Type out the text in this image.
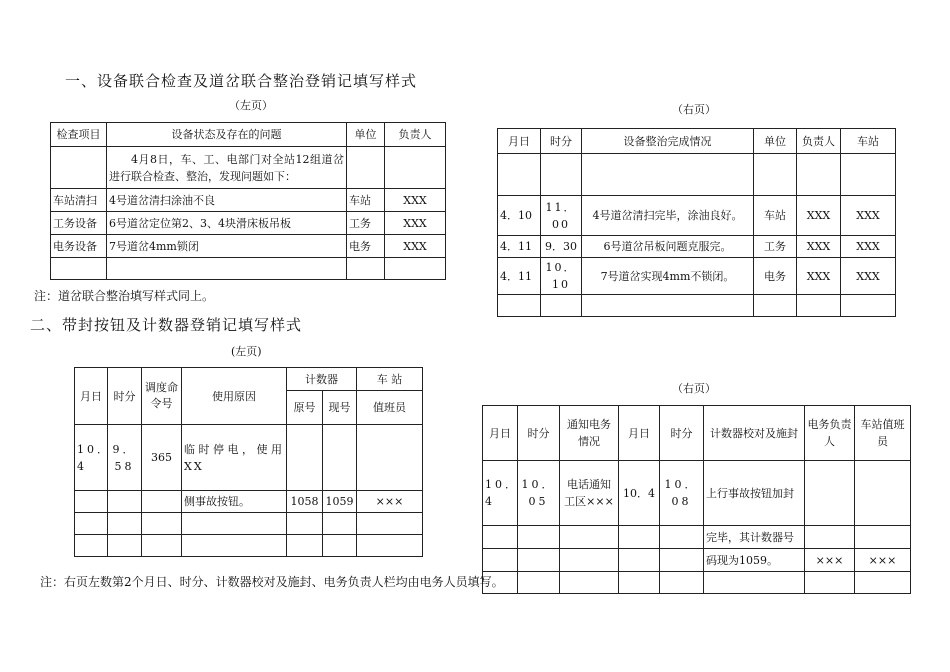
一、设备联合检查及道岔联合整治登销记填写样式
（左页）	（右页）
检查项目	设备状态及存在的问题	单位	负责人
	4月8日，车、工、电部门对全站12组道岔进行联合检查、整治，发现问题如下：		
车站清扫	4号道岔清扫涂油不良	车站	XXX
工务设备	6号道岔定位第2、3、4块滑床板吊板	工务	XXX
电务设备	7号道岔4mm锁闭	电务	XXX

注：道岔联合整治填写样式同上。
月日	时分	设备整治完成情况	单位	负责人	车站

4．10	11．00	4号道岔清扫完毕，涂油良好。	车站	XXX	XXX
4．11	9．30	6号道岔吊板问题克服完。	工务	XXX	XXX
4．11	10．10	7号道岔实现4mm不锁闭。	电务	XXX	XXX

二、带封按钮及计数器登销记填写样式
(左页)
（右页）
月日	时分	调度命令号	使用原因	计数器		车 站
				原号	现号	值班员
10．4	9．58	365	临时停电，使用XX			
			侧事故按钮。	1058	1059	×××

月日	时分	通知电务情况	月日	时分	计数器校对及施封	电务负责人	车站值班员
10．4	10．05	电话通知工区×××	10．4	10．08	上行事故按钮加封		
					完毕，其计数器号		
					码现为1059。	×××	×××

注：右页左数第2个月日、时分、计数器校对及施封、电务负责人栏均由电务人员填写。
